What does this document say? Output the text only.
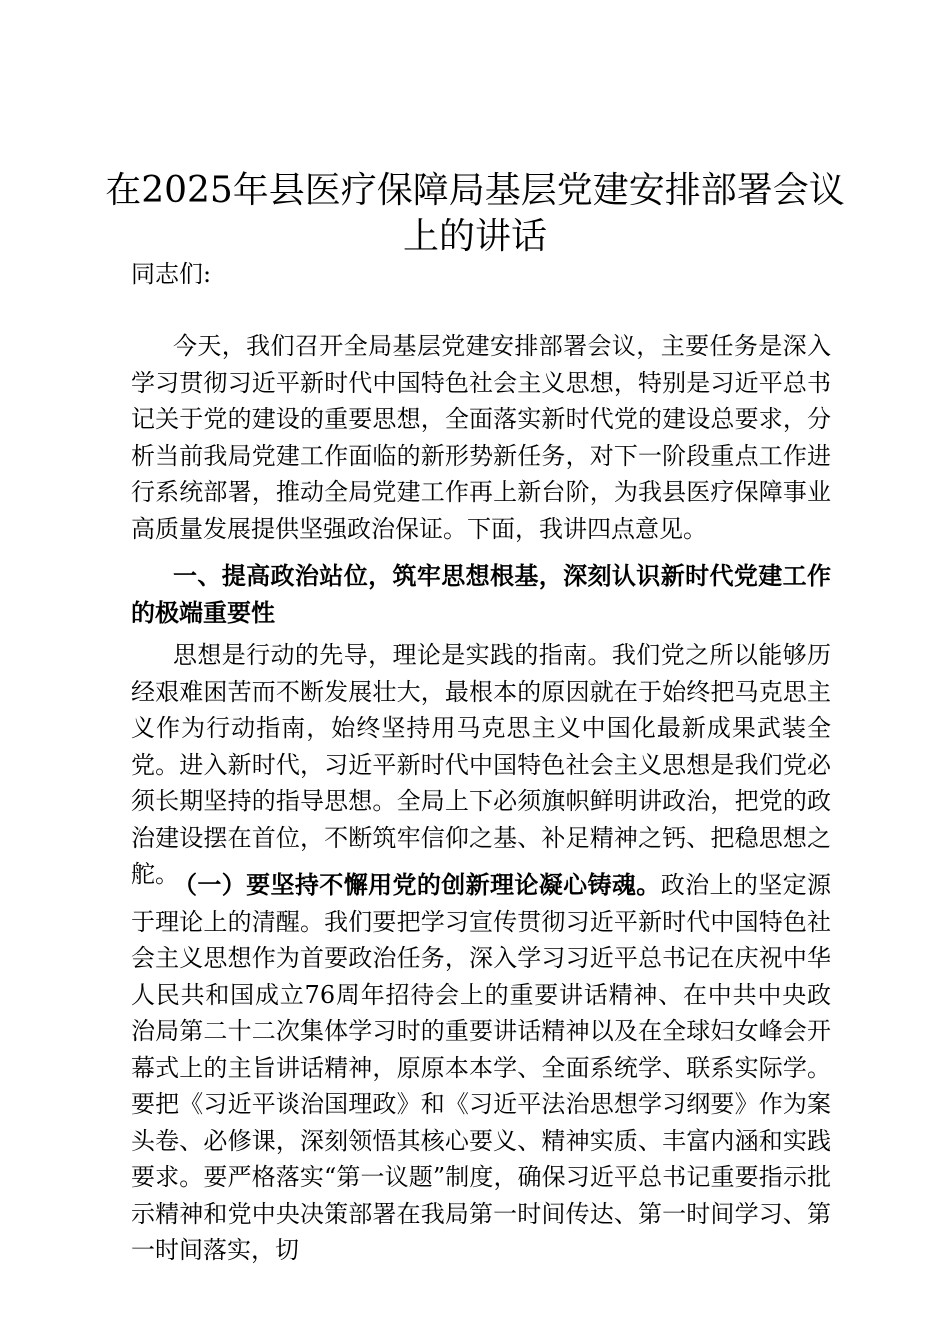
在2025年县医疗保障局基层党建安排部署会议上的讲话

同志们:

今天，我们召开全局基层党建安排部署会议，主要任务是深入学习贯彻习近平新时代中国特色社会主义思想，特别是习近平总书记关于党的建设的重要思想，全面落实新时代党的建设总要求，分析当前我局党建工作面临的新形势新任务，对下一阶段重点工作进行系统部署，推动全局党建工作再上新台阶，为我县医疗保障事业高质量发展提供坚强政治保证。下面，我讲四点意见。

一、提高政治站位，筑牢思想根基，深刻认识新时代党建工作的极端重要性

思想是行动的先导，理论是实践的指南。我们党之所以能够历经艰难困苦而不断发展壮大，最根本的原因就在于始终把马克思主义作为行动指南，始终坚持用马克思主义中国化最新成果武装全党。进入新时代，习近平新时代中国特色社会主义思想是我们党必须长期坚持的指导思想。全局上下必须旗帜鲜明讲政治，把党的政治建设摆在首位，不断筑牢信仰之基、补足精神之钙、把稳思想之舵。

（一）要坚持不懈用党的创新理论凝心铸魂。政治上的坚定源于理论上的清醒。我们要把学习宣传贯彻习近平新时代中国特色社会主义思想作为首要政治任务，深入学习习近平总书记在庆祝中华人民共和国成立76周年招待会上的重要讲话精神、在中共中央政治局第二十二次集体学习时的重要讲话精神以及在全球妇女峰会开幕式上的主旨讲话精神，原原本本学、全面系统学、联系实际学。要把《习近平谈治国理政》和《习近平法治思想学习纲要》作为案头卷、必修课，深刻领悟其核心要义、精神实质、丰富内涵和实践要求。要严格落实“第一议题”制度，确保习近平总书记重要指示批示精神和党中央决策部署在我局第一时间传达、第一时间学习、第一时间落实，切
